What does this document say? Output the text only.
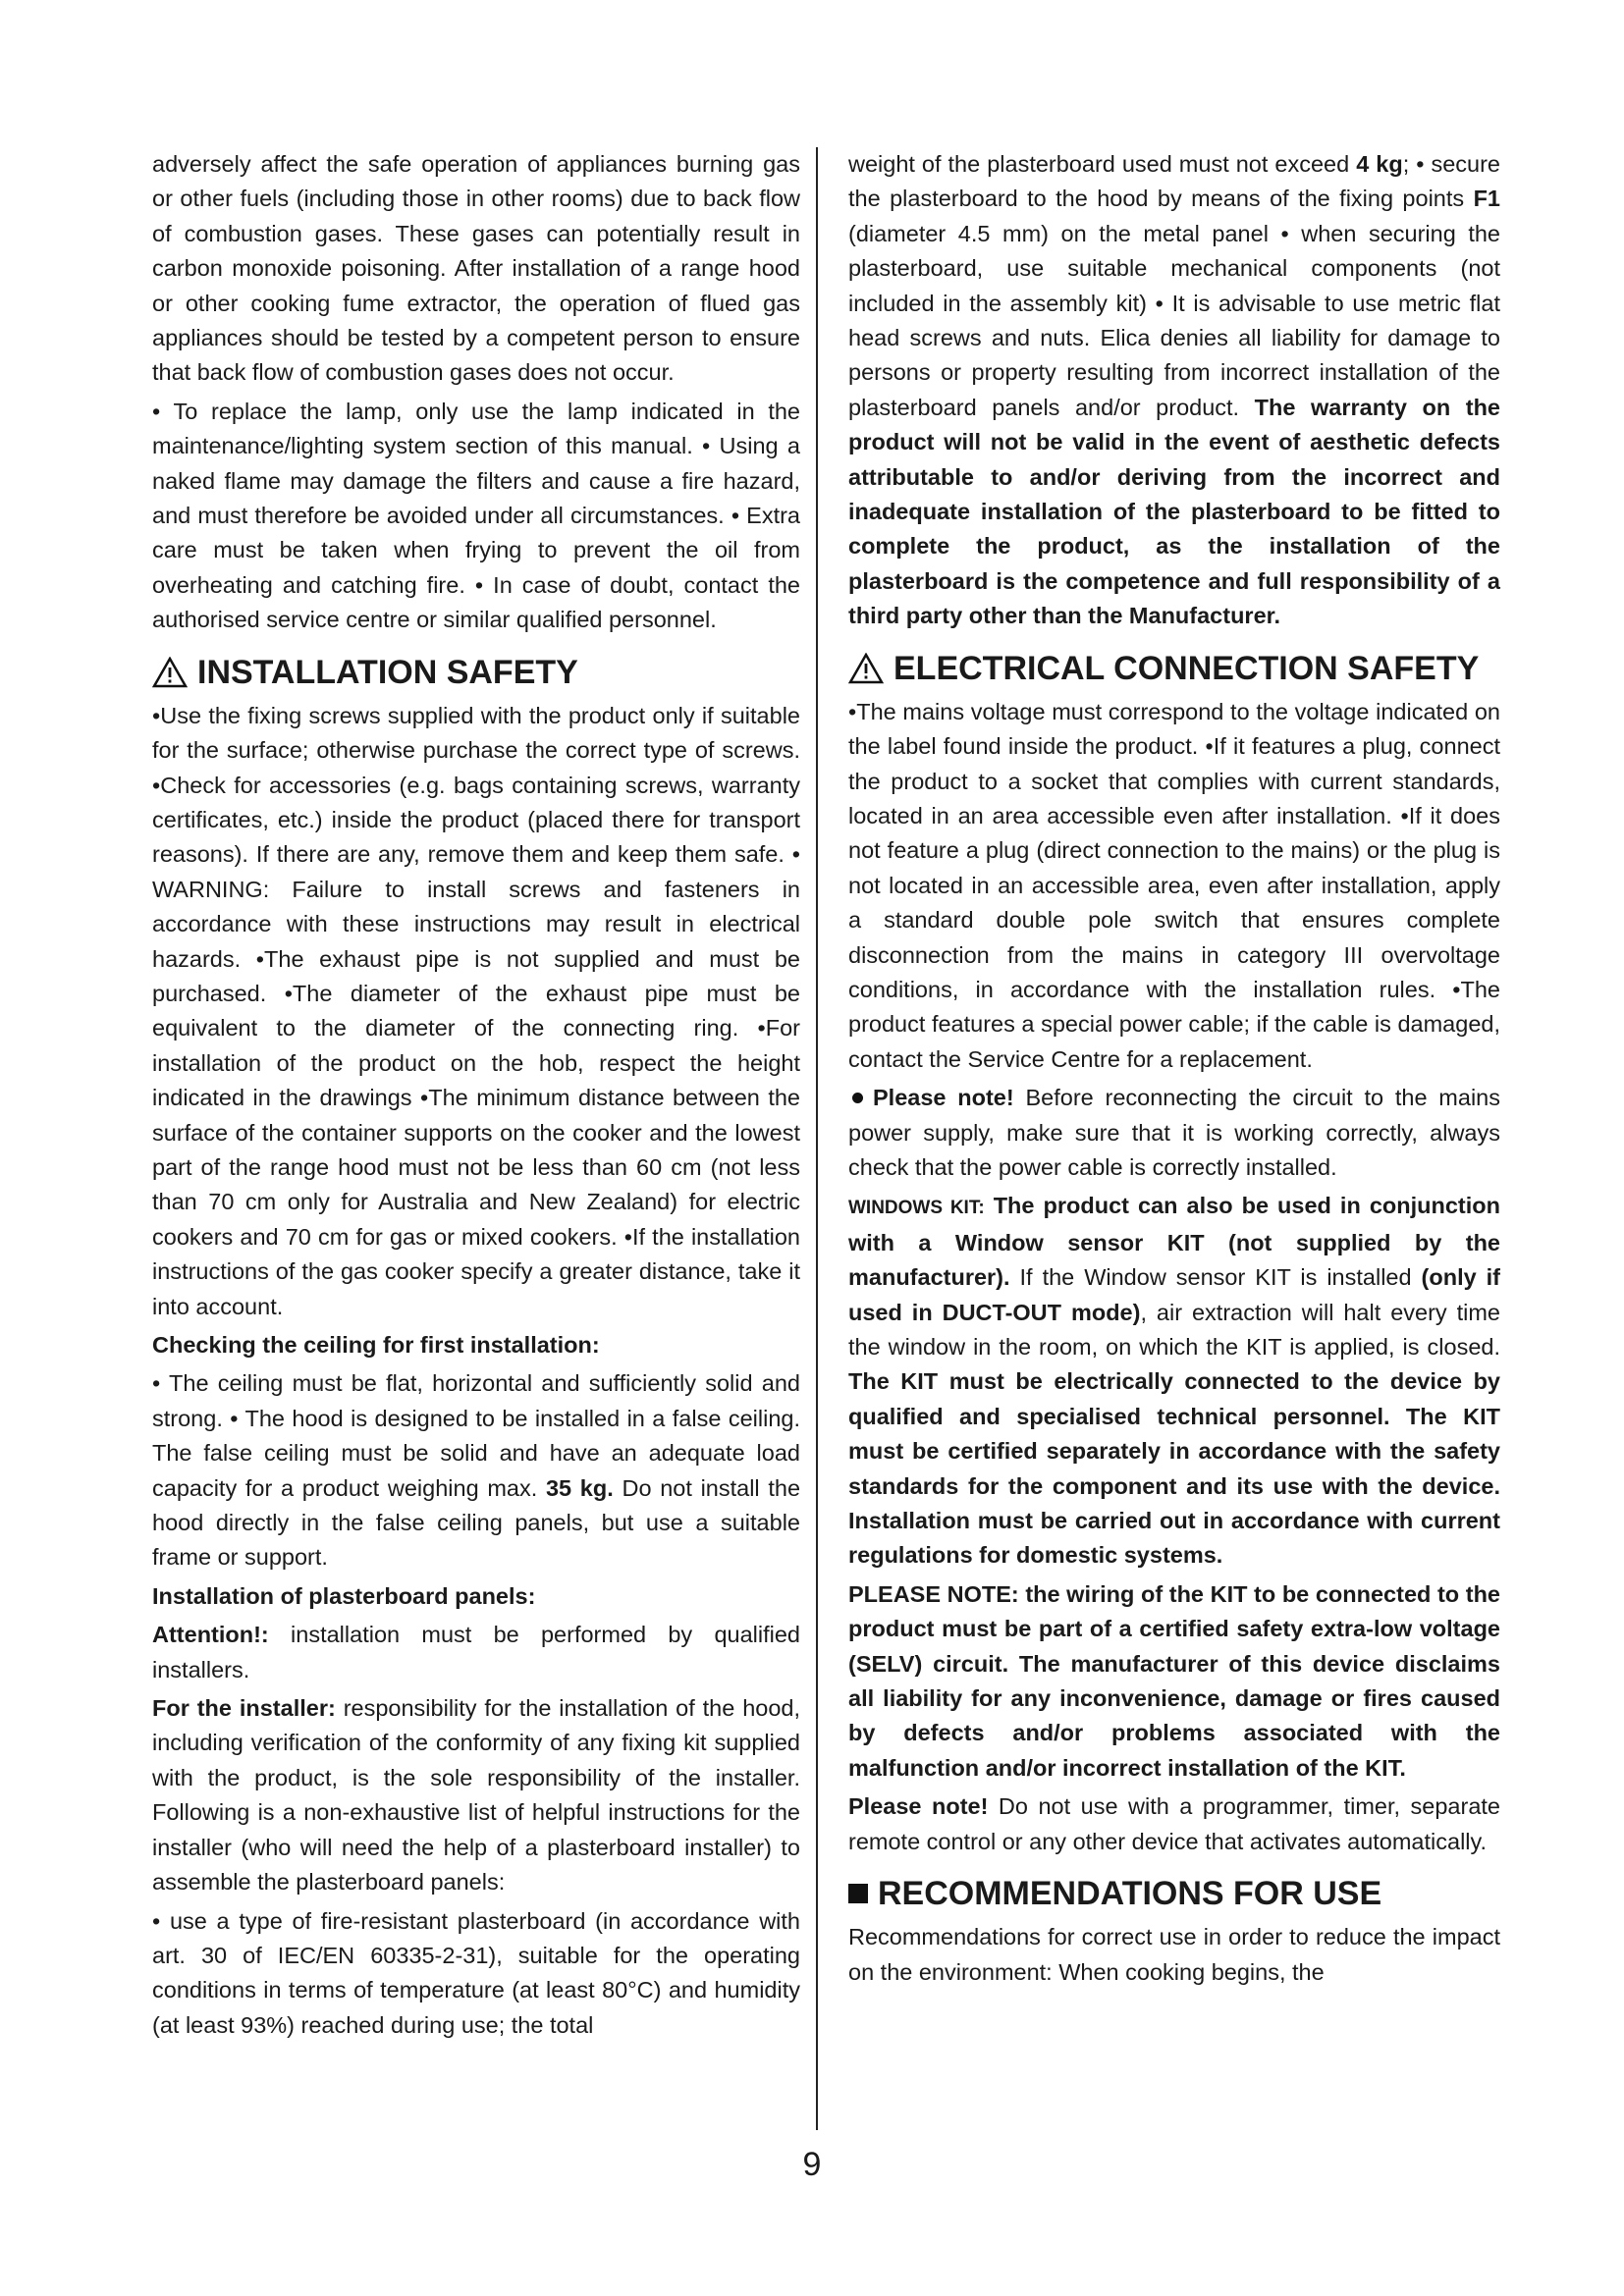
adversely affect the safe operation of appliances burning gas or other fuels (including those in other rooms) due to back flow of combustion gases. These gases can potentially result in carbon monoxide poisoning. After installation of a range hood or other cooking fume extractor, the operation of flued gas appliances should be tested by a competent person to ensure that back flow of combustion gases does not occur.

• To replace the lamp, only use the lamp indicated in the maintenance/lighting system section of this manual. • Using a naked flame may damage the filters and cause a fire hazard, and must therefore be avoided under all circumstances. • Extra care must be taken when frying to prevent the oil from overheating and catching fire. • In case of doubt, contact the authorised service centre or similar qualified personnel.

INSTALLATION SAFETY

•Use the fixing screws supplied with the product only if suitable for the surface; otherwise purchase the correct type of screws. •Check for accessories (e.g. bags containing screws, warranty certificates, etc.) inside the product (placed there for transport reasons). If there are any, remove them and keep them safe. • WARNING: Failure to install screws and fasteners in accordance with these instructions may result in electrical hazards. •The exhaust pipe is not supplied and must be purchased. •The diameter of the exhaust pipe must be equivalent to the diameter of the connecting ring. •For installation of the product on the hob, respect the height indicated in the drawings •The minimum distance between the surface of the container supports on the cooker and the lowest part of the range hood must not be less than 60 cm (not less than 70 cm only for Australia and New Zealand) for electric cookers and 70 cm for gas or mixed cookers. •If the installation instructions of the gas cooker specify a greater distance, take it into account.

Checking the ceiling for first installation:

• The ceiling must be flat, horizontal and sufficiently solid and strong. • The hood is designed to be installed in a false ceiling. The false ceiling must be solid and have an adequate load capacity for a product weighing max. 35 kg. Do not install the hood directly in the false ceiling panels, but use a suitable frame or support.

Installation of plasterboard panels:

Attention!: installation must be performed by qualified installers.

For the installer: responsibility for the installation of the hood, including verification of the conformity of any fixing kit supplied with the product, is the sole responsibility of the installer. Following is a non-exhaustive list of helpful instructions for the installer (who will need the help of a plasterboard installer) to assemble the plasterboard panels:

• use a type of fire-resistant plasterboard (in accordance with art. 30 of IEC/EN 60335-2-31), suitable for the operating conditions in terms of temperature (at least 80°C) and humidity (at least 93%) reached during use; the total

weight of the plasterboard used must not exceed 4 kg; • secure the plasterboard to the hood by means of the fixing points F1 (diameter 4.5 mm) on the metal panel • when securing the plasterboard, use suitable mechanical components (not included in the assembly kit) • It is advisable to use metric flat head screws and nuts. Elica denies all liability for damage to persons or property resulting from incorrect installation of the plasterboard panels and/or product. The warranty on the product will not be valid in the event of aesthetic defects attributable to and/or deriving from the incorrect and inadequate installation of the plasterboard to be fitted to complete the product, as the installation of the plasterboard is the competence and full responsibility of a third party other than the Manufacturer.

ELECTRICAL CONNECTION SAFETY

•The mains voltage must correspond to the voltage indicated on the label found inside the product. •If it features a plug, connect the product to a socket that complies with current standards, located in an area accessible even after installation. •If it does not feature a plug (direct connection to the mains) or the plug is not located in an accessible area, even after installation, apply a standard double pole switch that ensures complete disconnection from the mains in category III overvoltage conditions, in accordance with the installation rules. •The product features a special power cable; if the cable is damaged, contact the Service Centre for a replacement.

Please note! Before reconnecting the circuit to the mains power supply, make sure that it is working correctly, always check that the power cable is correctly installed.

WINDOWS KIT: The product can also be used in conjunction with a Window sensor KIT (not supplied by the manufacturer). If the Window sensor KIT is installed (only if used in DUCT-OUT mode), air extraction will halt every time the window in the room, on which the KIT is applied, is closed. The KIT must be electrically connected to the device by qualified and specialised technical personnel. The KIT must be certified separately in accordance with the safety standards for the component and its use with the device. Installation must be carried out in accordance with current regulations for domestic systems.

PLEASE NOTE: the wiring of the KIT to be connected to the product must be part of a certified safety extra-low voltage (SELV) circuit. The manufacturer of this device disclaims all liability for any inconvenience, damage or fires caused by defects and/or problems associated with the malfunction and/or incorrect installation of the KIT.

Please note! Do not use with a programmer, timer, separate remote control or any other device that activates automatically.

RECOMMENDATIONS FOR USE

Recommendations for correct use in order to reduce the impact on the environment: When cooking begins, the

9
